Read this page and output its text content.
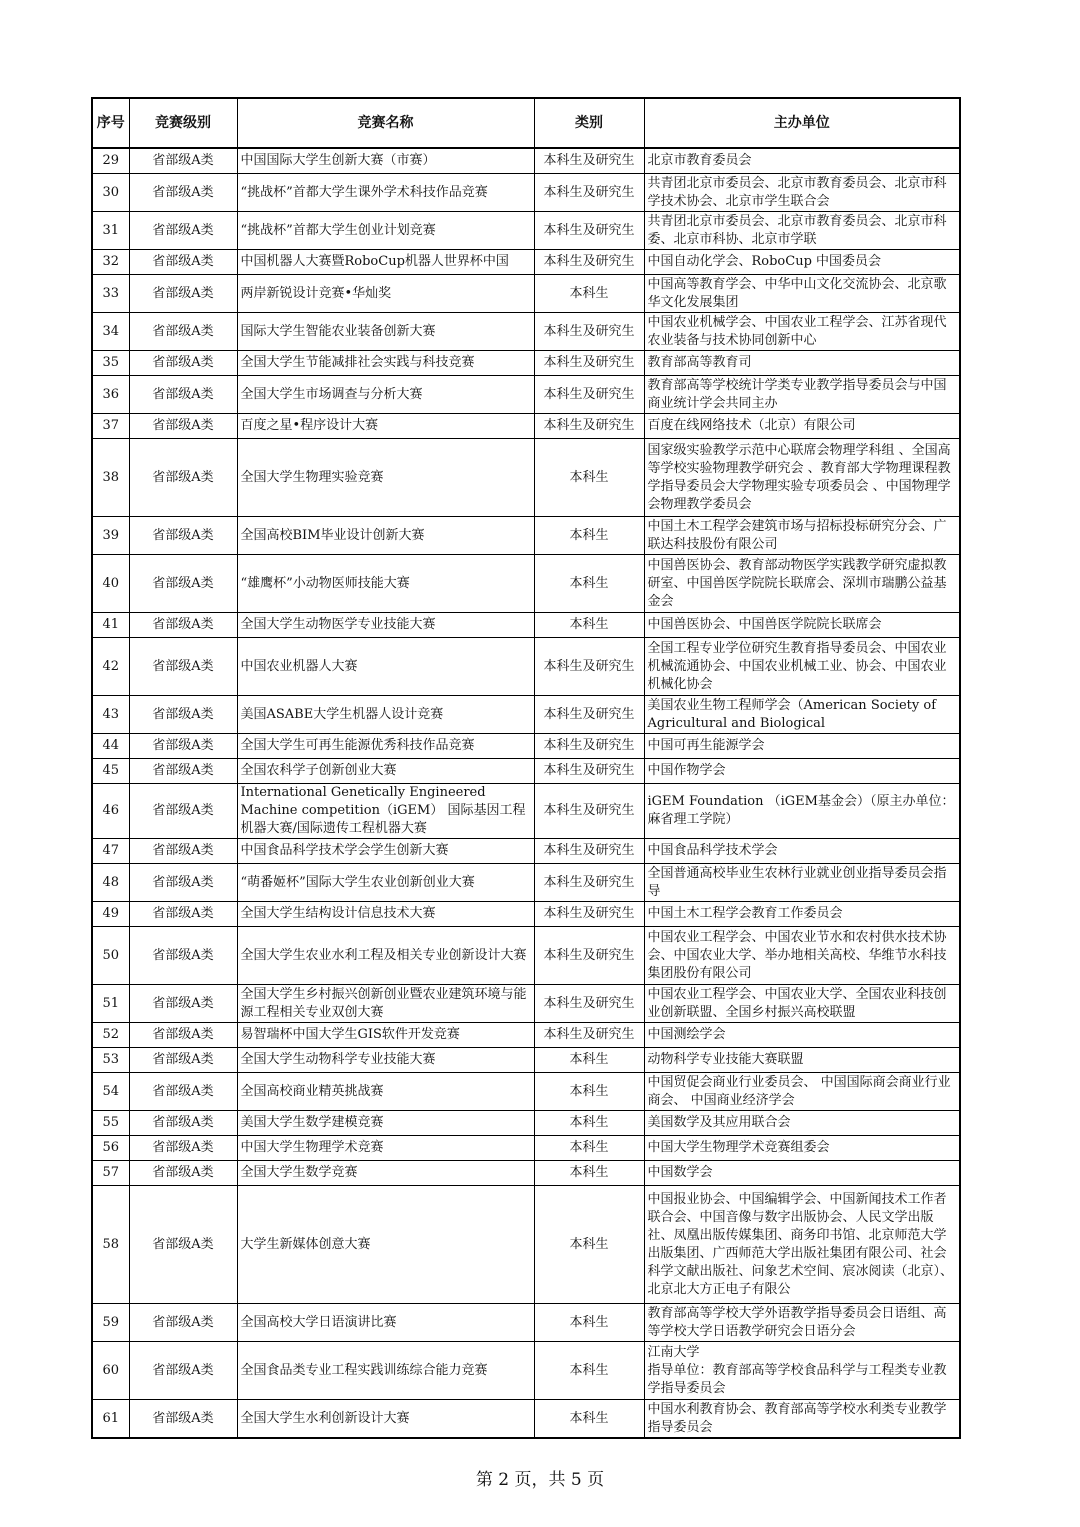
序号	竞赛级别	竞赛名称	类别	主办单位
29	省部级A类	中国国际大学生创新大赛（市赛）	本科生及研究生	北京市教育委员会
30	省部级A类	“挑战杯”首都大学生课外学术科技作品竞赛	本科生及研究生	共青团北京市委员会、北京市教育委员会、北京市科学技术协会、北京市学生联合会
31	省部级A类	“挑战杯”首都大学生创业计划竞赛	本科生及研究生	共青团北京市委员会、北京市教育委员会、北京市科委、北京市科协、北京市学联
32	省部级A类	中国机器人大赛暨RoboCup机器人世界杯中国	本科生及研究生	中国自动化学会、RoboCup 中国委员会
33	省部级A类	两岸新锐设计竞赛•华灿奖	本科生	中国高等教育学会、中华中山文化交流协会、北京歌华文化发展集团
34	省部级A类	国际大学生智能农业装备创新大赛	本科生及研究生	中国农业机械学会、中国农业工程学会、江苏省现代农业装备与技术协同创新中心
35	省部级A类	全国大学生节能减排社会实践与科技竞赛	本科生及研究生	教育部高等教育司
36	省部级A类	全国大学生市场调查与分析大赛	本科生及研究生	教育部高等学校统计学类专业教学指导委员会与中国商业统计学会共同主办
37	省部级A类	百度之星•程序设计大赛	本科生及研究生	百度在线网络技术（北京）有限公司
38	省部级A类	全国大学生物理实验竞赛	本科生	国家级实验教学示范中心联席会物理学科组 、全国高等学校实验物理教学研究会 、教育部大学物理课程教学指导委员会大学物理实验专项委员会 、中国物理学会物理教学委员会
39	省部级A类	全国高校BIM毕业设计创新大赛	本科生	中国土木工程学会建筑市场与招标投标研究分会、广联达科技股份有限公司
40	省部级A类	“雄鹰杯”小动物医师技能大赛	本科生	中国兽医协会、教育部动物医学实践教学研究虚拟教研室、中国兽医学院院长联席会、深圳市瑞鹏公益基金会
41	省部级A类	全国大学生动物医学专业技能大赛	本科生	中国兽医协会、中国兽医学院院长联席会
42	省部级A类	中国农业机器人大赛	本科生及研究生	全国工程专业学位研究生教育指导委员会、中国农业机械流通协会、中国农业机械工业、协会、中国农业机械化协会
43	省部级A类	美国ASABE大学生机器人设计竞赛	本科生及研究生	美国农业生物工程师学会（American Society of Agricultural and Biological
44	省部级A类	全国大学生可再生能源优秀科技作品竞赛	本科生及研究生	中国可再生能源学会
45	省部级A类	全国农科学子创新创业大赛	本科生及研究生	中国作物学会
46	省部级A类	International Genetically Engineered Machine competition（iGEM） 国际基因工程机器大赛/国际遗传工程机器大赛	本科生及研究生	iGEM Foundation （iGEM基金会）（原主办单位：麻省理工学院）
47	省部级A类	中国食品科学技术学会学生创新大赛	本科生及研究生	中国食品科学技术学会
48	省部级A类	“萌番姬杯”国际大学生农业创新创业大赛	本科生及研究生	全国普通高校毕业生农林行业就业创业指导委员会指导
49	省部级A类	全国大学生结构设计信息技术大赛	本科生及研究生	中国土木工程学会教育工作委员会
50	省部级A类	全国大学生农业水利工程及相关专业创新设计大赛	本科生及研究生	中国农业工程学会、中国农业节水和农村供水技术协会、中国农业大学、举办地相关高校、华维节水科技集团股份有限公司
51	省部级A类	全国大学生乡村振兴创新创业暨农业建筑环境与能源工程相关专业双创大赛	本科生及研究生	中国农业工程学会、中国农业大学、全国农业科技创业创新联盟、全国乡村振兴高校联盟
52	省部级A类	易智瑞杯中国大学生GIS软件开发竞赛	本科生及研究生	中国测绘学会
53	省部级A类	全国大学生动物科学专业技能大赛	本科生	动物科学专业技能大赛联盟
54	省部级A类	全国高校商业精英挑战赛	本科生	中国贸促会商业行业委员会、 中国国际商会商业行业商会、 中国商业经济学会
55	省部级A类	美国大学生数学建模竞赛	本科生	美国数学及其应用联合会
56	省部级A类	中国大学生物理学术竞赛	本科生	中国大学生物理学术竞赛组委会
57	省部级A类	全国大学生数学竞赛	本科生	中国数学会
58	省部级A类	大学生新媒体创意大赛	本科生	中国报业协会、中国编辑学会、中国新闻技术工作者联合会、中国音像与数字出版协会、人民文学出版社、凤凰出版传媒集团、商务印书馆、北京师范大学出版集团、广西师范大学出版社集团有限公司、社会科学文献出版社、问象艺术空间、宸冰阅读（北京）、北京北大方正电子有限公
59	省部级A类	全国高校大学日语演讲比赛	本科生	教育部高等学校大学外语教学指导委员会日语组、高等学校大学日语教学研究会日语分会
60	省部级A类	全国食品类专业工程实践训练综合能力竞赛	本科生	江南大学
指导单位：教育部高等学校食品科学与工程类专业教学指导委员会
61	省部级A类	全国大学生水利创新设计大赛	本科生	中国水利教育协会、教育部高等学校水利类专业教学指导委员会
第 2 页，共 5 页
